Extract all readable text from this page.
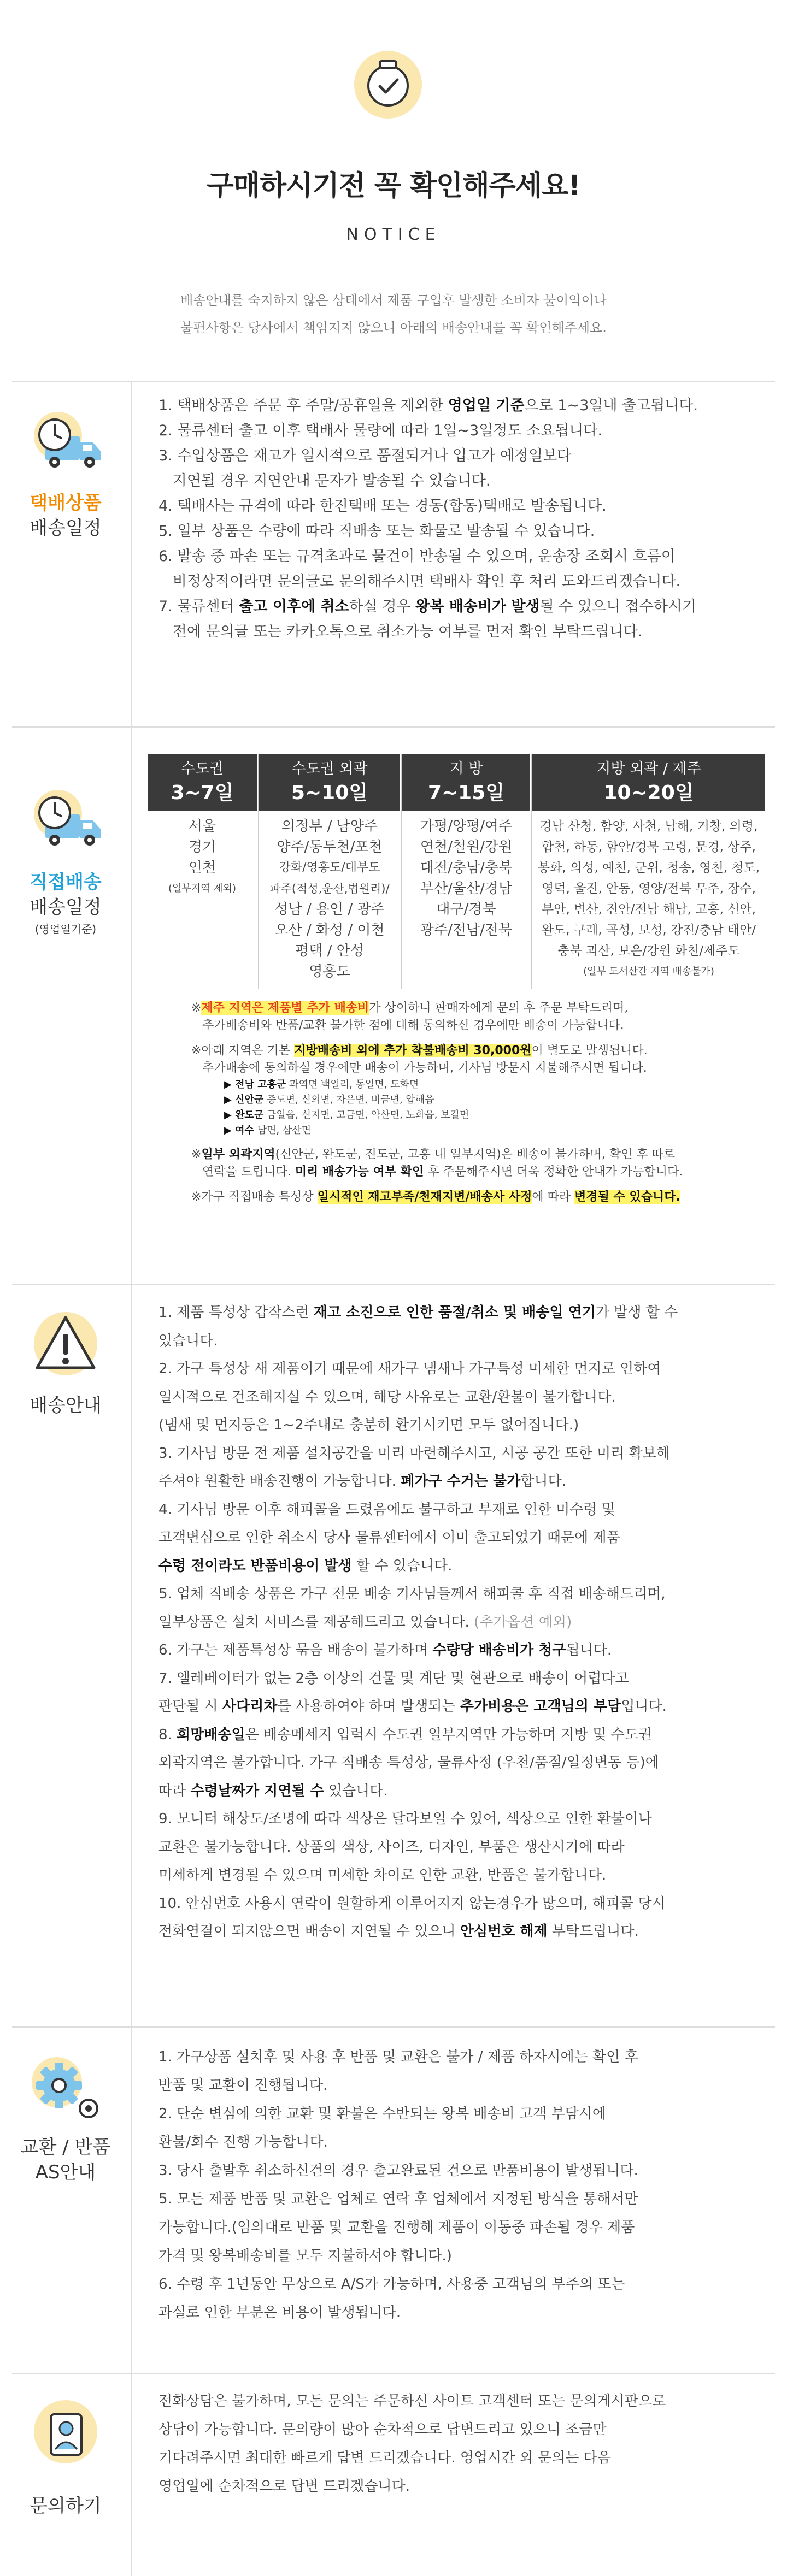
구매하시기전 꼭 확인해주세요!
NOTICE
배송안내를 숙지하지 않은 상태에서 제품 구입후 발생한 소비자 불이익이나
불편사항은 당사에서 책임지지 않으니 아래의 배송안내를 꼭 확인해주세요.
택배상품
배송일정

1. 택배상품은 주문 후 주말/공휴일을 제외한 영업일 기준으로 1~3일내 출고됩니다.

2. 물류센터 출고 이후 택배사 물량에 따라 1일~3일정도 소요됩니다.

3. 수입상품은 재고가 일시적으로 품절되거나 입고가 예정일보다

지연될 경우 지연안내 문자가 발송될 수 있습니다.

4. 택배사는 규격에 따라 한진택배 또는 경동(합동)택배로 발송됩니다.

5. 일부 상품은 수량에 따라 직배송 또는 화물로 발송될 수 있습니다.

6. 발송 중 파손 또는 규격초과로 물건이 반송될 수 있으며, 운송장 조회시 흐름이

비정상적이라면 문의글로 문의해주시면 택배사 확인 후 처리 도와드리겠습니다.

7. 물류센터 출고 이후에 취소하실 경우 왕복 배송비가 발생될 수 있으니 접수하시기

전에 문의글 또는 카카오톡으로 취소가능 여부를 먼저 확인 부탁드립니다.

직접배송
배송일정
(영업일기준)
수도권
3~7일
서울
경기
인천
(일부지역 제외)
수도권 외곽
5~10일
의정부 / 남양주
양주/동두천/포천
강화/영흥도/대부도
파주(적성,운산,법원리)/
성남 / 용인 / 광주
오산 / 화성 / 이천
평택 / 안성
영흥도
지 방
7~15일
가평/양평/여주
연천/철원/강원
대전/충남/충북
부산/울산/경남
대구/경북
광주/전남/전북
지방 외곽 / 제주
10~20일
경남 산청, 함양, 사천, 남해, 거창, 의령,
합천, 하동, 함안/경북 고령, 문경, 상주,
봉화, 의성, 예천, 군위, 청송, 영천, 청도,
영덕, 울진, 안동, 영양/전북 무주, 장수,
부안, 변산, 진안/전남 해남, 고흥, 신안,
완도, 구례, 곡성, 보성, 강진/충남 태안/
충북 괴산, 보은/강원 화천/제주도
(일부 도서산간 지역 배송불가)

※제주 지역은 제품별 추가 배송비가 상이하니 판매자에게 문의 후 주문 부탁드리며,

추가배송비와 반품/교환 불가한 점에 대해 동의하신 경우에만 배송이 가능합니다.

※아래 지역은 기본 지방배송비 외에 추가 착불배송비 30,000원이 별도로 발생됩니다.

추가배송에 동의하실 경우에만 배송이 가능하며, 기사님 방문시 지불해주시면 됩니다.

▶ 전남 고흥군 과역면 백일리, 동일면, 도화면

▶ 신안군 증도면, 신의면, 자은면, 비금면, 압해읍

▶ 완도군 금일읍, 신지면, 고금면, 약산면, 노화읍, 보길면

▶ 여수 남면, 삼산면

※일부 외곽지역(신안군, 완도군, 진도군, 고흥 내 일부지역)은 배송이 불가하며, 확인 후 따로

연락을 드립니다. 미리 배송가능 여부 확인 후 주문해주시면 더욱 정확한 안내가 가능합니다.

※가구 직접배송 특성상 일시적인 재고부족/천재지변/배송사 사정에 따라 변경될 수 있습니다.

배송안내

1. 제품 특성상 갑작스런 재고 소진으로 인한 품절/취소 및 배송일 연기가 발생 할 수

있습니다.

2. 가구 특성상 새 제품이기 때문에 새가구 냄새나 가구특성 미세한 먼지로 인하여

일시적으로 건조해지실 수 있으며, 해당 사유로는 교환/환불이 불가합니다.

(냄새 및 먼지등은 1~2주내로 충분히 환기시키면 모두 없어집니다.)

3. 기사님 방문 전 제품 설치공간을 미리 마련해주시고, 시공 공간 또한 미리 확보해

주셔야 원활한 배송진행이 가능합니다. 폐가구 수거는 불가합니다.

4. 기사님 방문 이후 해피콜을 드렸음에도 불구하고 부재로 인한 미수령 및

고객변심으로 인한 취소시 당사 물류센터에서 이미 출고되었기 때문에 제품

수령 전이라도 반품비용이 발생 할 수 있습니다.

5. 업체 직배송 상품은 가구 전문 배송 기사님들께서 해피콜 후 직접 배송해드리며,

일부상품은 설치 서비스를 제공해드리고 있습니다. (추가옵션 예외)

6. 가구는 제품특성상 묶음 배송이 불가하며 수량당 배송비가 청구됩니다.

7. 엘레베이터가 없는 2층 이상의 건물 및 계단 및 현관으로 배송이 어렵다고

판단될 시 사다리차를 사용하여야 하며 발생되는 추가비용은 고객님의 부담입니다.

8. 희망배송일은 배송메세지 입력시 수도권 일부지역만 가능하며 지방 및 수도권

외곽지역은 불가합니다. 가구 직배송 특성상, 물류사정 (우천/품절/일정변동 등)에

따라 수령날짜가 지연될 수 있습니다.

9. 모니터 해상도/조명에 따라 색상은 달라보일 수 있어, 색상으로 인한 환불이나

교환은 불가능합니다. 상품의 색상, 사이즈, 디자인, 부품은 생산시기에 따라

미세하게 변경될 수 있으며 미세한 차이로 인한 교환, 반품은 불가합니다.

10. 안심번호 사용시 연락이 원할하게 이루어지지 않는경우가 많으며, 해피콜 당시

전화연결이 되지않으면 배송이 지연될 수 있으니 안심번호 해제 부탁드립니다.

교환 / 반품
AS안내

1. 가구상품 설치후 및 사용 후 반품 및 교환은 불가 / 제품 하자시에는 확인 후

반품 및 교환이 진행됩니다.

2. 단순 변심에 의한 교환 및 환불은 수반되는 왕복 배송비 고객 부담시에

환불/회수 진행 가능합니다.

3. 당사 출발후 취소하신건의 경우 출고완료된 건으로 반품비용이 발생됩니다.

5. 모든 제품 반품 및 교환은 업체로 연락 후 업체에서 지정된 방식을 통해서만

가능합니다.(임의대로 반품 및 교환을 진행해 제품이 이동중 파손될 경우 제품

가격 및 왕복배송비를 모두 지불하셔야 합니다.)

6. 수령 후 1년동안 무상으로 A/S가 가능하며, 사용중 고객님의 부주의 또는

과실로 인한 부분은 비용이 발생됩니다.

문의하기

전화상담은 불가하며, 모든 문의는 주문하신 사이트 고객센터 또는 문의게시판으로

상담이 가능합니다. 문의량이 많아 순차적으로 답변드리고 있으니 조금만

기다려주시면 최대한 빠르게 답변 드리겠습니다. 영업시간 외 문의는 다음

영업일에 순차적으로 답변 드리겠습니다.
